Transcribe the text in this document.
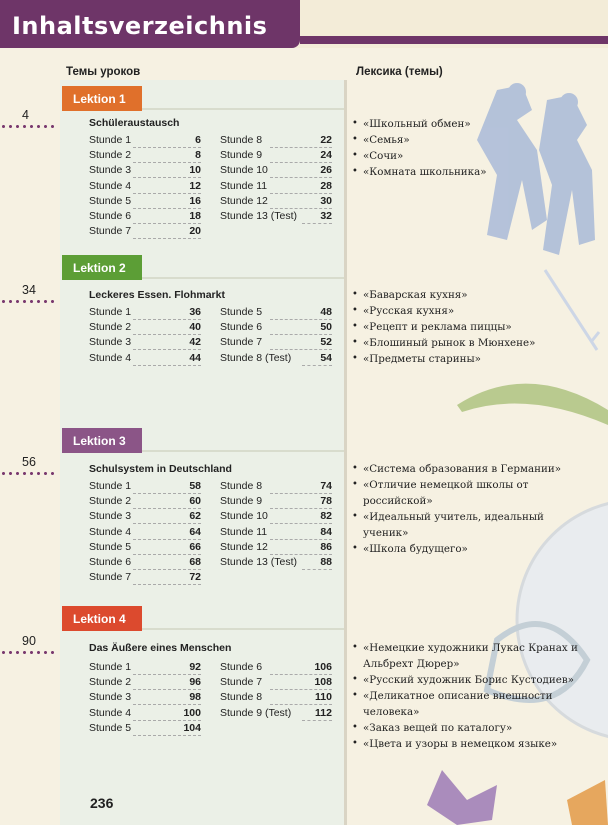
Inhaltsverzeichnis
Темы уроков	Лексика (темы)
Lektion 1
4
Schüleraustausch
Lektion 2
34	Leckeres Essen. Flohmarkt
Lektion 3
56	Schulsystem in Deutschland
Lektion 4
90	Das Äußere eines Menschen
Stunde 1	6
Stunde 2	8
Stunde 3	10
Stunde 4	12
Stunde 5	16
Stunde 6	18
Stunde 7	20
Stunde 8	22
Stunde 9	24
Stunde 10	26
Stunde 11	28
Stunde 12	30
Stunde 13 (Test) 32
• «Школьный обмен»
• «Семья»
• «Сочи»
• «Комната школьника»
Stunde 1	36
Stunde 2	40
Stunde 3	42
Stunde 4	44
Stunde 5	48
Stunde 6	50
Stunde 7	52
Stunde 8 (Test)	54
• «Баварская кухня»
• «Русская кухня»
• «Рецепт и реклама пиццы»
• «Блошиный рынок в Мюнхене»
• «Предметы старины»
Stunde 1	58
Stunde 2	60
Stunde 3	62
Stunde 4	64
Stunde 5	66
Stunde 6	68
Stunde 7	72
Stunde 8	74
Stunde 9	78
Stunde 10	82
Stunde 11	84
Stunde 12	86
Stunde 13 (Test) 88
• «Система образования в Германии»
• «Отличие немецкой школы от российской»
• «Идеальный учитель, идеальный ученик»
• «Школа будущего»
Stunde 1	92
Stunde 2	96
Stunde 3	98
Stunde 4	100
Stunde 5	104
Stunde 6	106
Stunde 7	108
Stunde 8	110
Stunde 9 (Test) 112
• «Немецкие художники Лукас Кранах и Альбрехт Дюрер»
• «Русский художник Борис Кустодиев»
• «Деликатное описание внешности человека»
• «Заказ вещей по каталогу»
• «Цвета и узоры в немецком языке»
236
